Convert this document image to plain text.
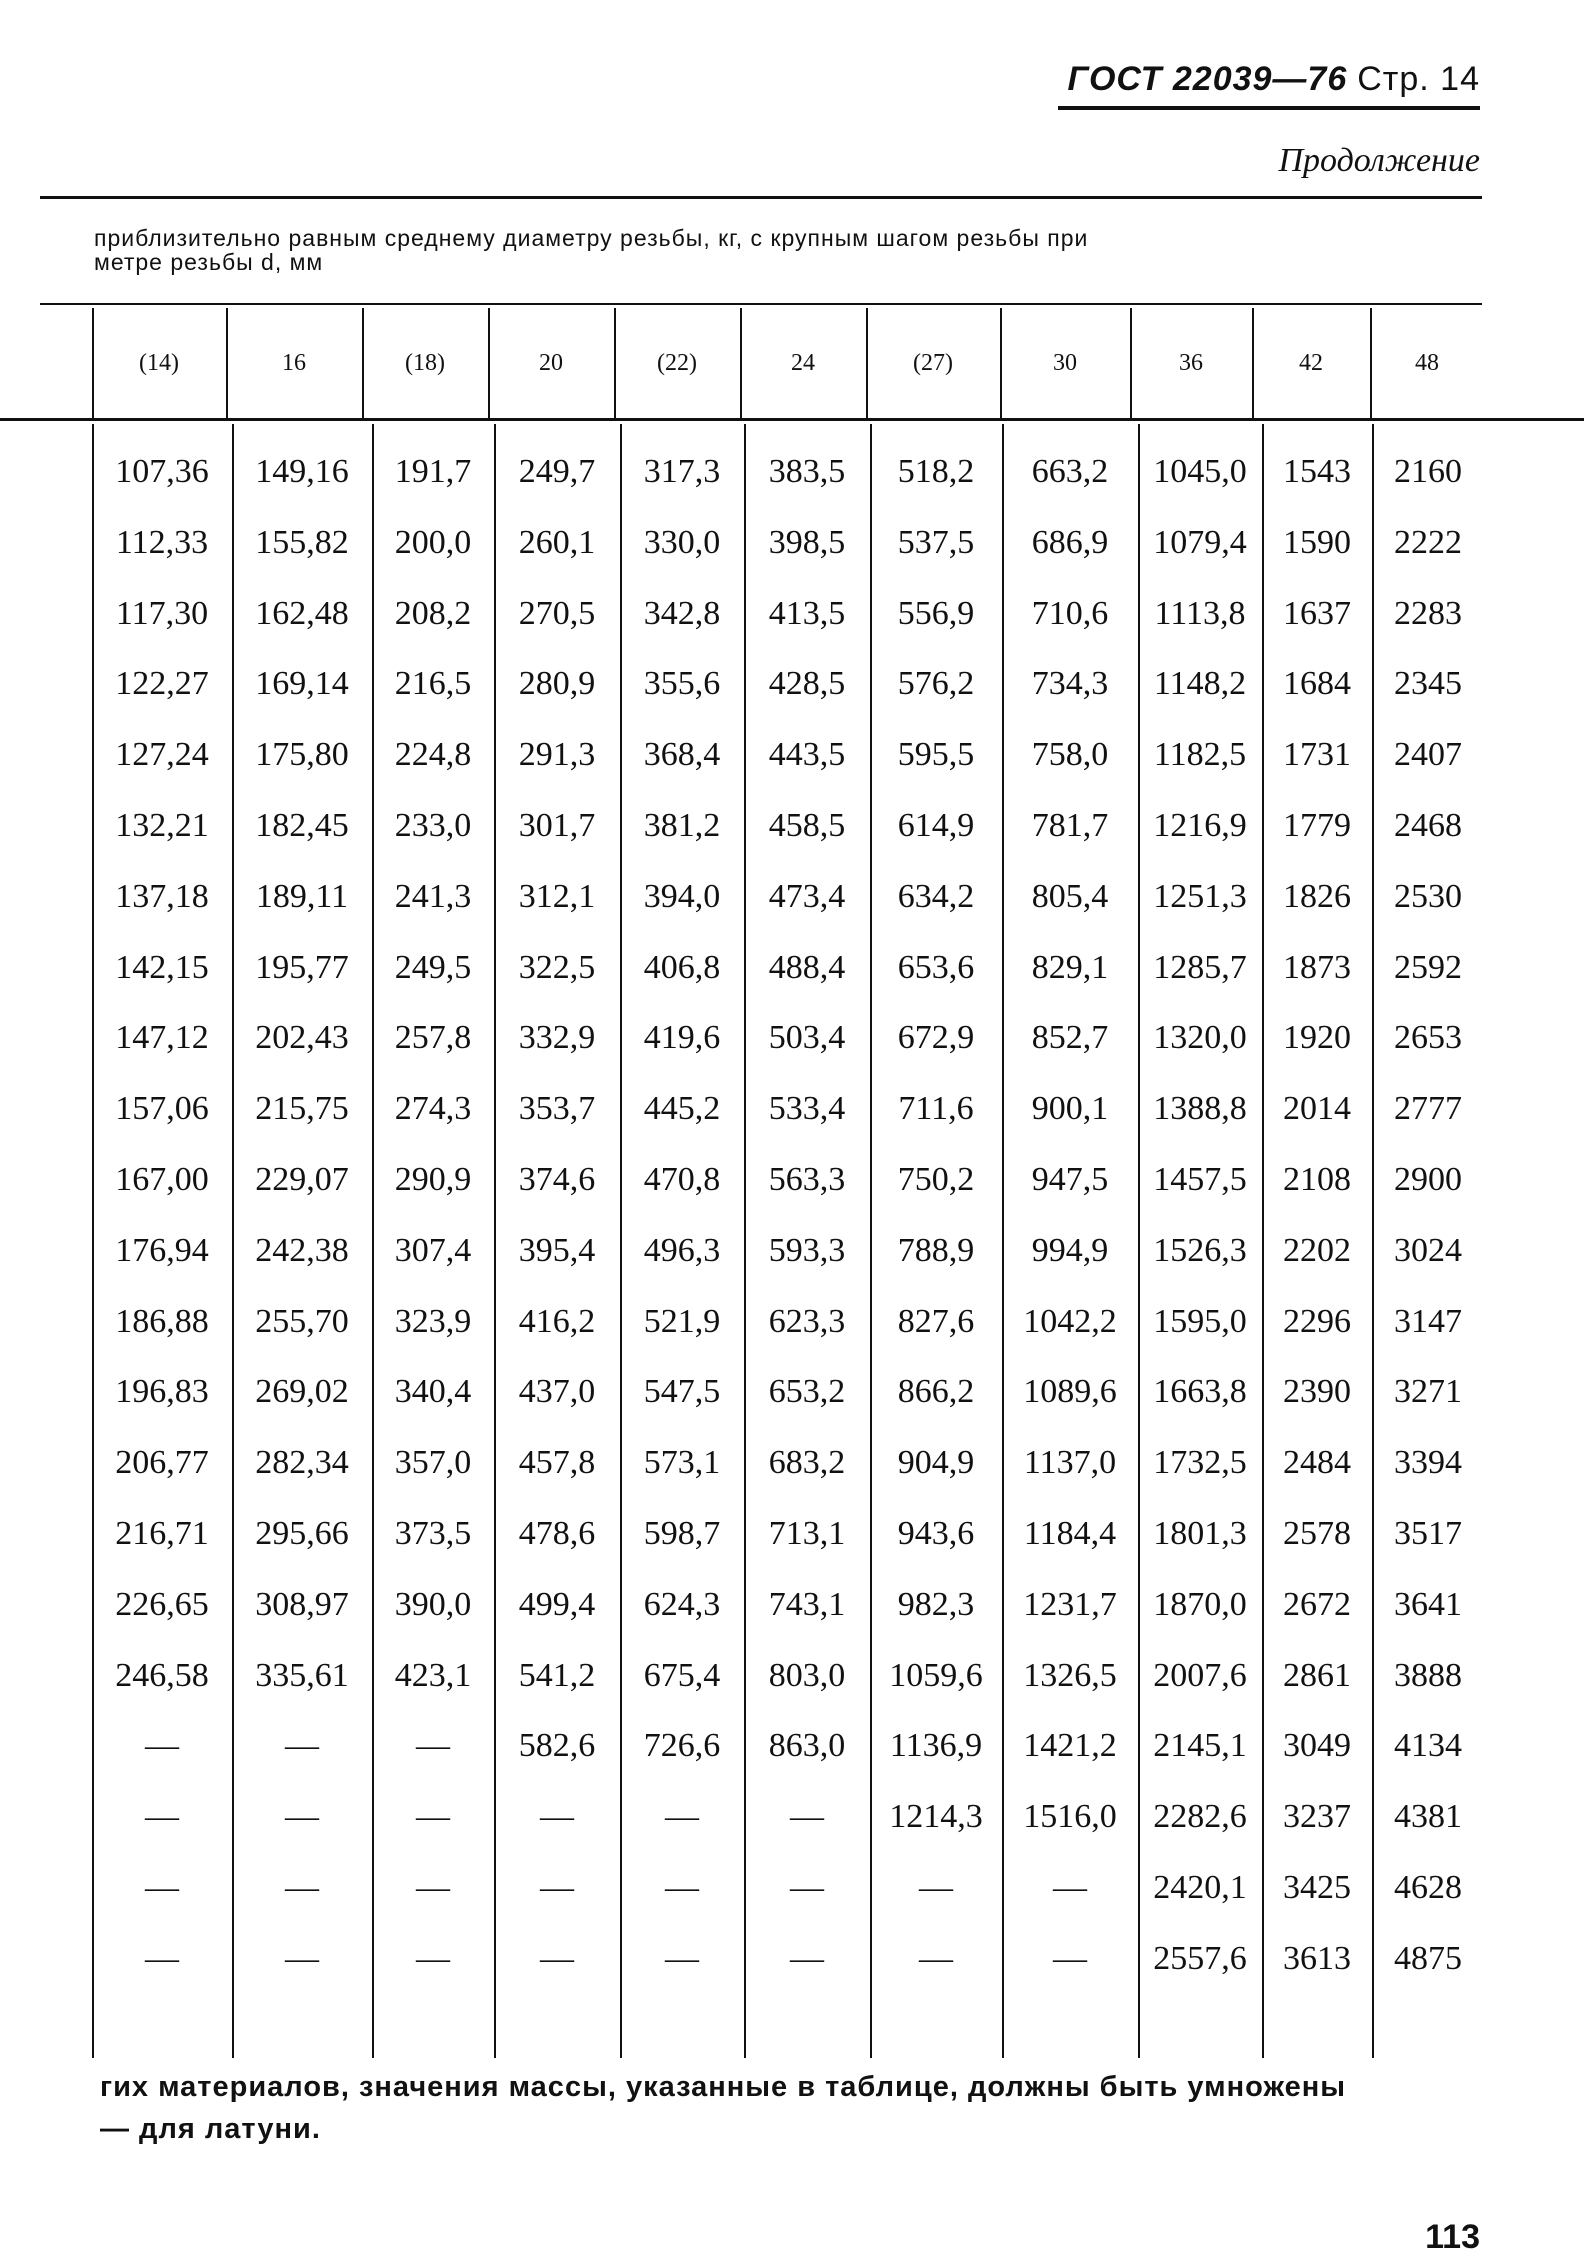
ГОСТ 22039—76 Стр. 14
Продолжение
приблизительно равным среднему диаметру резьбы, кг, с крупным шагом резьбы при
метре резьбы d, мм
(14)	16	(18)	20	(22)	24	(27)	30	36	42	48
107,36	149,16	191,7	249,7	317,3	383,5	518,2	663,2	1045,0	1543	2160
112,33	155,82	200,0	260,1	330,0	398,5	537,5	686,9	1079,4	1590	2222
117,30	162,48	208,2	270,5	342,8	413,5	556,9	710,6	1113,8	1637	2283
122,27	169,14	216,5	280,9	355,6	428,5	576,2	734,3	1148,2	1684	2345
127,24	175,80	224,8	291,3	368,4	443,5	595,5	758,0	1182,5	1731	2407
132,21	182,45	233,0	301,7	381,2	458,5	614,9	781,7	1216,9	1779	2468
137,18	189,11	241,3	312,1	394,0	473,4	634,2	805,4	1251,3	1826	2530
142,15	195,77	249,5	322,5	406,8	488,4	653,6	829,1	1285,7	1873	2592
147,12	202,43	257,8	332,9	419,6	503,4	672,9	852,7	1320,0	1920	2653
157,06	215,75	274,3	353,7	445,2	533,4	711,6	900,1	1388,8	2014	2777
167,00	229,07	290,9	374,6	470,8	563,3	750,2	947,5	1457,5	2108	2900
176,94	242,38	307,4	395,4	496,3	593,3	788,9	994,9	1526,3	2202	3024
186,88	255,70	323,9	416,2	521,9	623,3	827,6	1042,2	1595,0	2296	3147
196,83	269,02	340,4	437,0	547,5	653,2	866,2	1089,6	1663,8	2390	3271
206,77	282,34	357,0	457,8	573,1	683,2	904,9	1137,0	1732,5	2484	3394
216,71	295,66	373,5	478,6	598,7	713,1	943,6	1184,4	1801,3	2578	3517
226,65	308,97	390,0	499,4	624,3	743,1	982,3	1231,7	1870,0	2672	3641
246,58	335,61	423,1	541,2	675,4	803,0	1059,6	1326,5	2007,6	2861	3888
—	—	—	582,6	726,6	863,0	1136,9	1421,2	2145,1	3049	4134
—	—	—	—	—	—	1214,3	1516,0	2282,6	3237	4381
—	—	—	—	—	—	—	—	2420,1	3425	4628
—	—	—	—	—	—	—	—	2557,6	3613	4875
гих материалов, значения массы, указанные в таблице, должны быть умножены
— для латуни.
113
